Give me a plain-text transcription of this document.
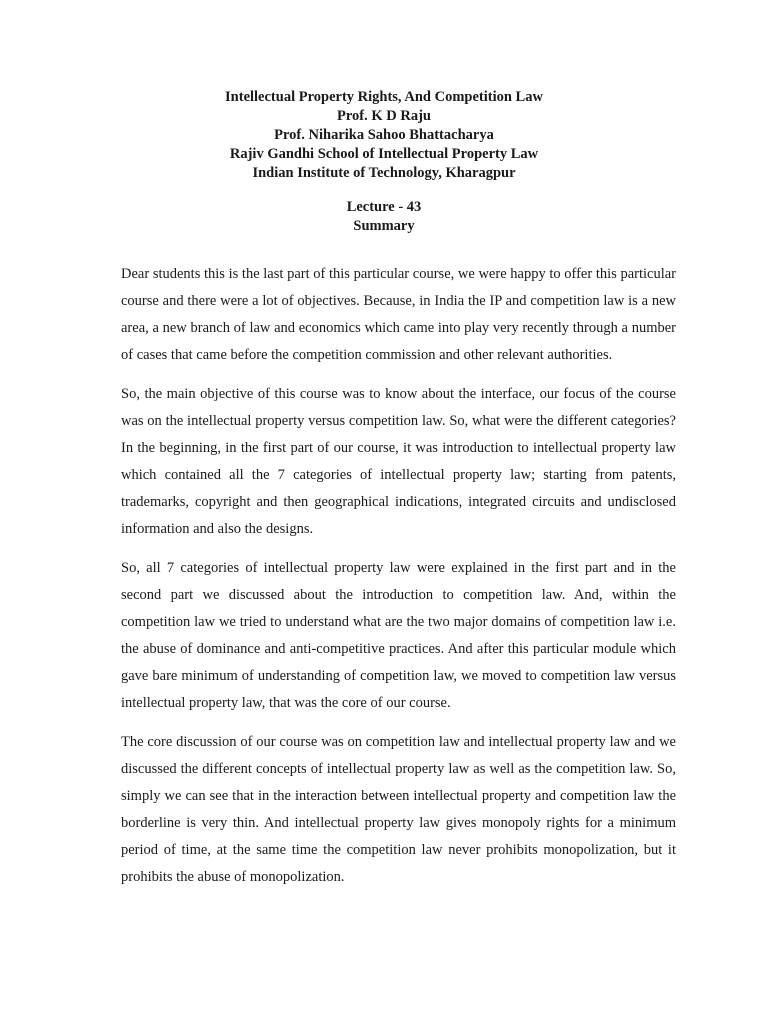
Intellectual Property Rights, And Competition Law
Prof. K D Raju
Prof. Niharika Sahoo Bhattacharya
Rajiv Gandhi School of Intellectual Property Law
Indian Institute of Technology, Kharagpur
Lecture - 43
Summary

Dear students this is the last part of this particular course, we were happy to offer this particular course and there were a lot of objectives. Because, in India the IP and competition law is a new area, a new branch of law and economics which came into play very recently through a number of cases that came before the competition commission and other relevant authorities.

So, the main objective of this course was to know about the interface, our focus of the course was on the intellectual property versus competition law. So, what were the different categories?In the beginning, in the first part of our course, it was introduction to intellectual property law which contained all the 7 categories of intellectual property law; starting from patents, trademarks, copyright and then geographical indications, integrated circuits and undisclosed information and also the designs.

So, all 7 categories of intellectual property law were explained in the first part and in the second part we discussed about the introduction to competition law. And, within the competition law we tried to understand what are the two major domains of competition law i.e. the abuse of dominance and anti-competitive practices. And after this particular module which gave bare minimum of understanding of competition law, we moved to competition law versus intellectual property law, that was the core of our course.

The core discussion of our course was on competition law and intellectual property law and we discussed the different concepts of intellectual property law as well as the competition law. So, simply we can see that in the interaction between intellectual property and competition law the borderline is very thin. And intellectual property law gives monopoly rights for a minimum period of time, at the same time the competition law never prohibits monopolization, but it prohibits the abuse of monopolization.
